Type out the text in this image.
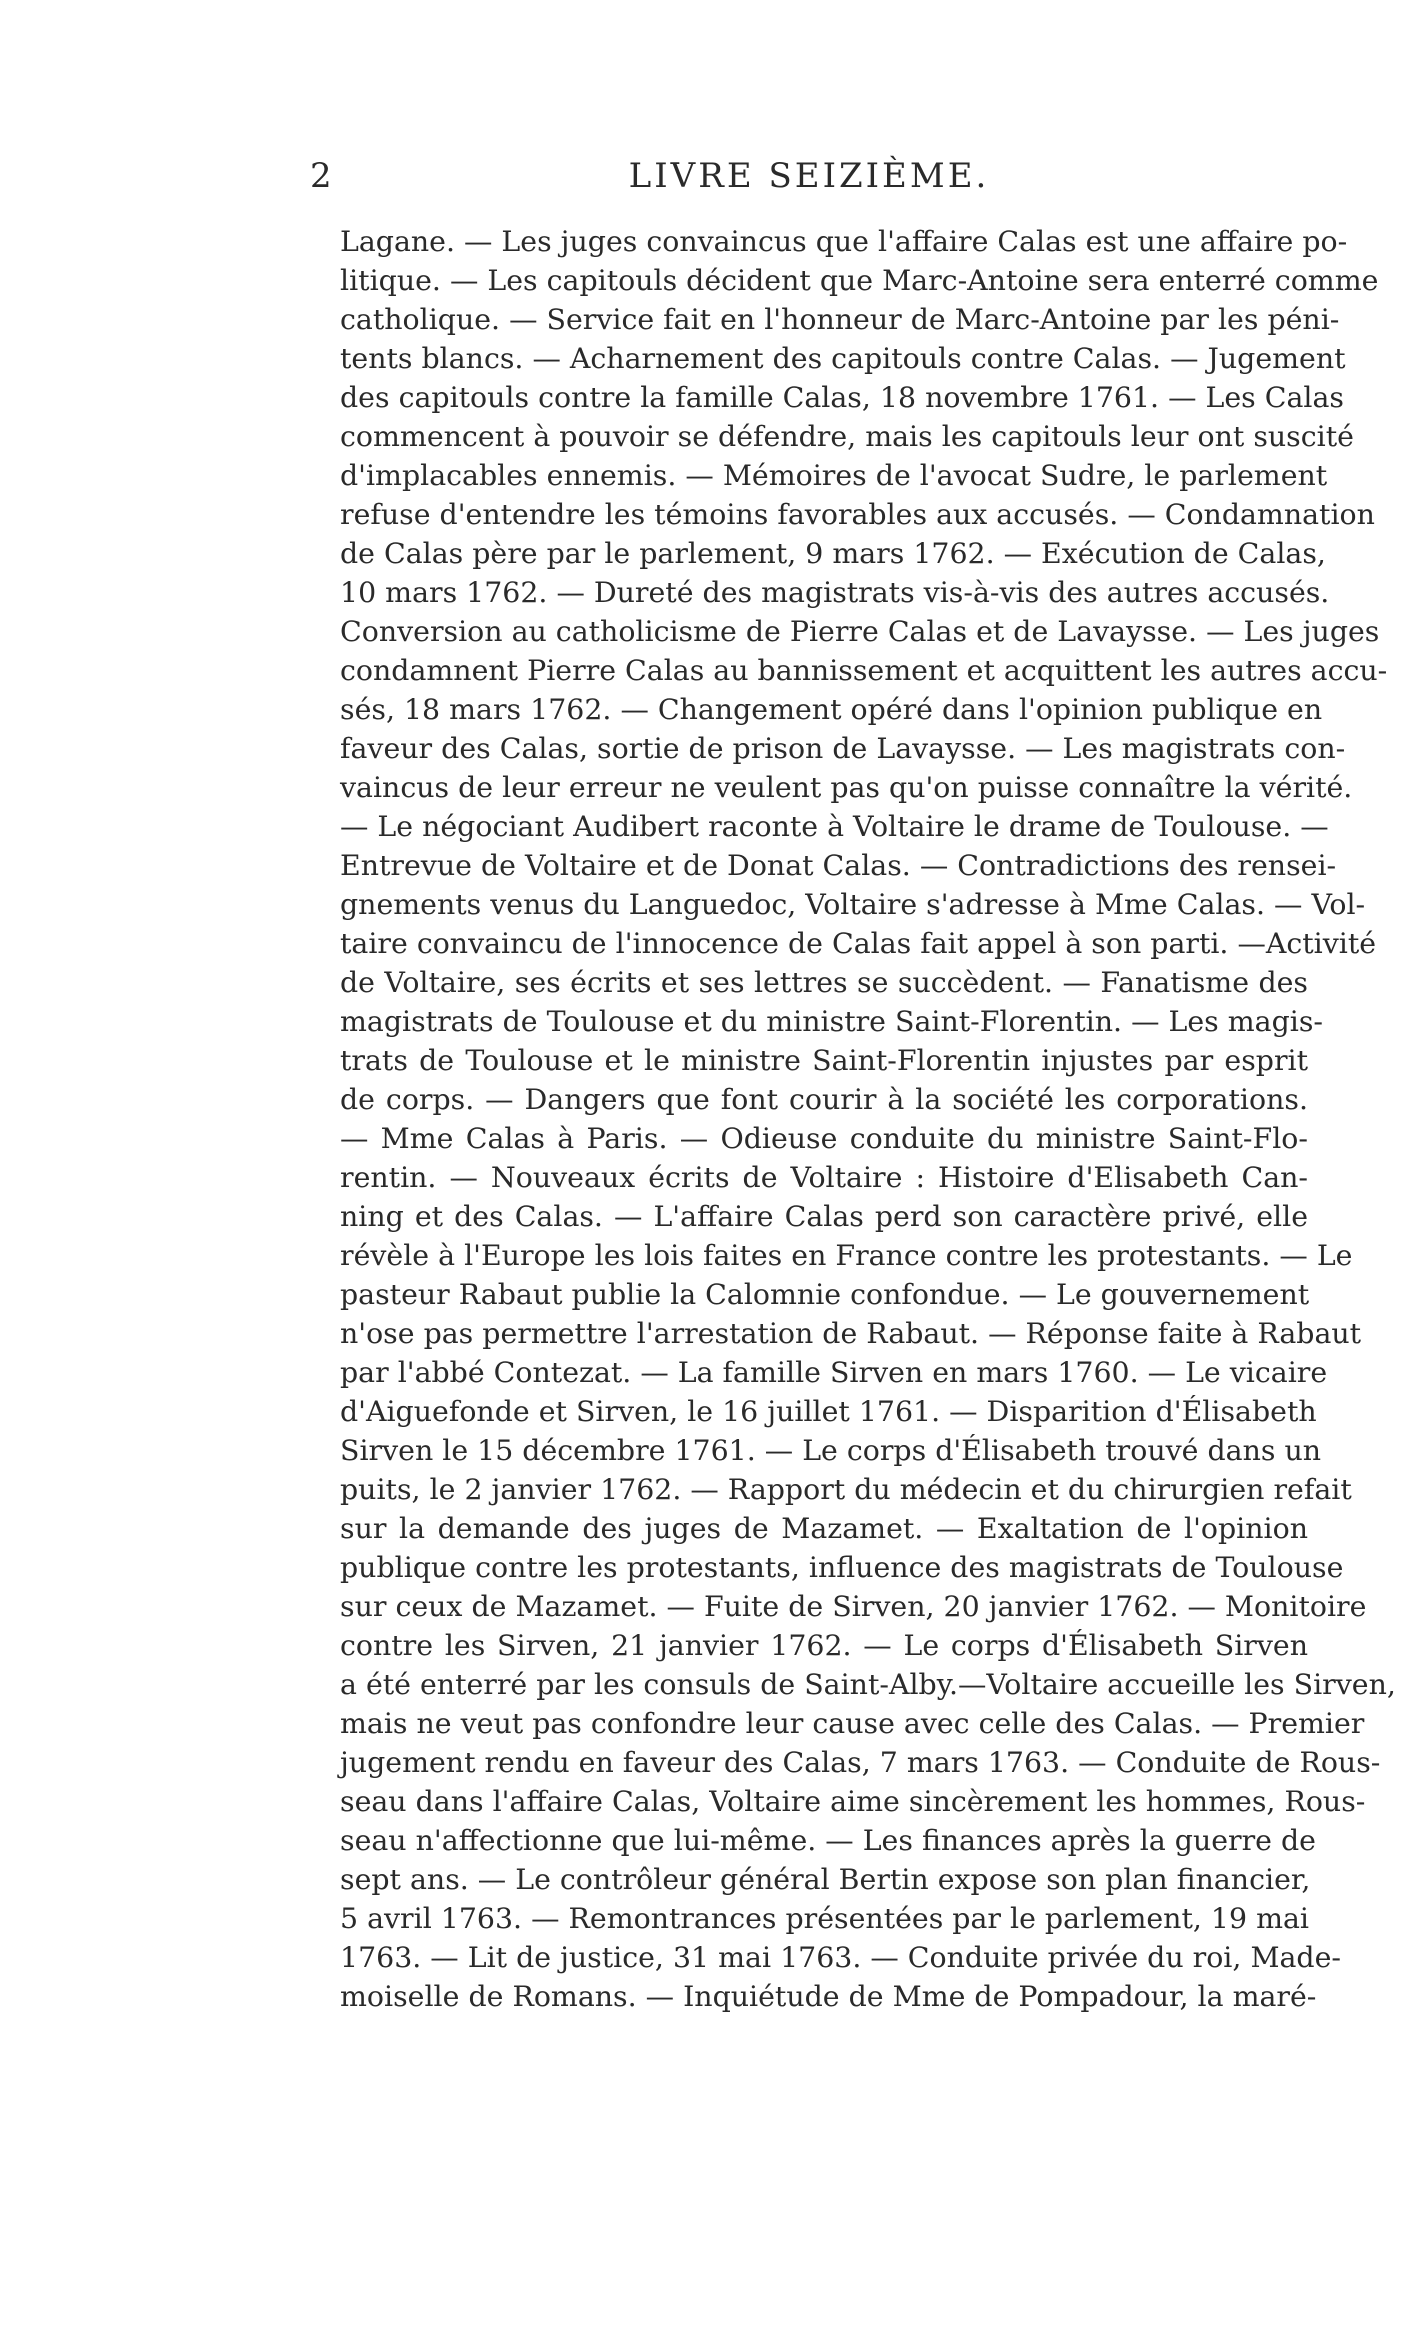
2	LIVRE SEIZIÈME.
Lagane. — Les juges convaincus que l'affaire Calas est une affaire po-
litique. — Les capitouls décident que Marc-Antoine sera enterré comme
catholique. — Service fait en l'honneur de Marc-Antoine par les péni-
tents blancs. — Acharnement des capitouls contre Calas. — Jugement
des capitouls contre la famille Calas, 18 novembre 1761. — Les Calas
commencent à pouvoir se défendre, mais les capitouls leur ont suscité
d'implacables ennemis. — Mémoires de l'avocat Sudre, le parlement
refuse d'entendre les témoins favorables aux accusés. — Condamnation
de Calas père par le parlement, 9 mars 1762. — Exécution de Calas,
10 mars 1762. — Dureté des magistrats vis-à-vis des autres accusés.
Conversion au catholicisme de Pierre Calas et de Lavaysse. — Les juges
condamnent Pierre Calas au bannissement et acquittent les autres accu-
sés, 18 mars 1762. — Changement opéré dans l'opinion publique en
faveur des Calas, sortie de prison de Lavaysse. — Les magistrats con-
vaincus de leur erreur ne veulent pas qu'on puisse connaître la vérité.
— Le négociant Audibert raconte à Voltaire le drame de Toulouse. —
Entrevue de Voltaire et de Donat Calas. — Contradictions des rensei-
gnements venus du Languedoc, Voltaire s'adresse à Mme Calas. — Vol-
taire convaincu de l'innocence de Calas fait appel à son parti. —Activité
de Voltaire, ses écrits et ses lettres se succèdent. — Fanatisme des
magistrats de Toulouse et du ministre Saint-Florentin. — Les magis-
trats de Toulouse et le ministre Saint-Florentin injustes par esprit
de corps. — Dangers que font courir à la société les corporations.
— Mme Calas à Paris. — Odieuse conduite du ministre Saint-Flo-
rentin. — Nouveaux écrits de Voltaire : Histoire d'Elisabeth Can-
ning et des Calas. — L'affaire Calas perd son caractère privé, elle
révèle à l'Europe les lois faites en France contre les protestants. — Le
pasteur Rabaut publie la Calomnie confondue. — Le gouvernement
n'ose pas permettre l'arrestation de Rabaut. — Réponse faite à Rabaut
par l'abbé Contezat. — La famille Sirven en mars 1760. — Le vicaire
d'Aiguefonde et Sirven, le 16 juillet 1761. — Disparition d'Élisabeth
Sirven le 15 décembre 1761. — Le corps d'Élisabeth trouvé dans un
puits, le 2 janvier 1762. — Rapport du médecin et du chirurgien refait
sur la demande des juges de Mazamet. — Exaltation de l'opinion
publique contre les protestants, influence des magistrats de Toulouse
sur ceux de Mazamet. — Fuite de Sirven, 20 janvier 1762. — Monitoire
contre les Sirven, 21 janvier 1762. — Le corps d'Élisabeth Sirven
a été enterré par les consuls de Saint-Alby.—Voltaire accueille les Sirven,
mais ne veut pas confondre leur cause avec celle des Calas. — Premier
jugement rendu en faveur des Calas, 7 mars 1763. — Conduite de Rous-
seau dans l'affaire Calas, Voltaire aime sincèrement les hommes, Rous-
seau n'affectionne que lui-même. — Les finances après la guerre de
sept ans. — Le contrôleur général Bertin expose son plan financier,
5 avril 1763. — Remontrances présentées par le parlement, 19 mai
1763. — Lit de justice, 31 mai 1763. — Conduite privée du roi, Made-
moiselle de Romans. — Inquiétude de Mme de Pompadour, la maré-
